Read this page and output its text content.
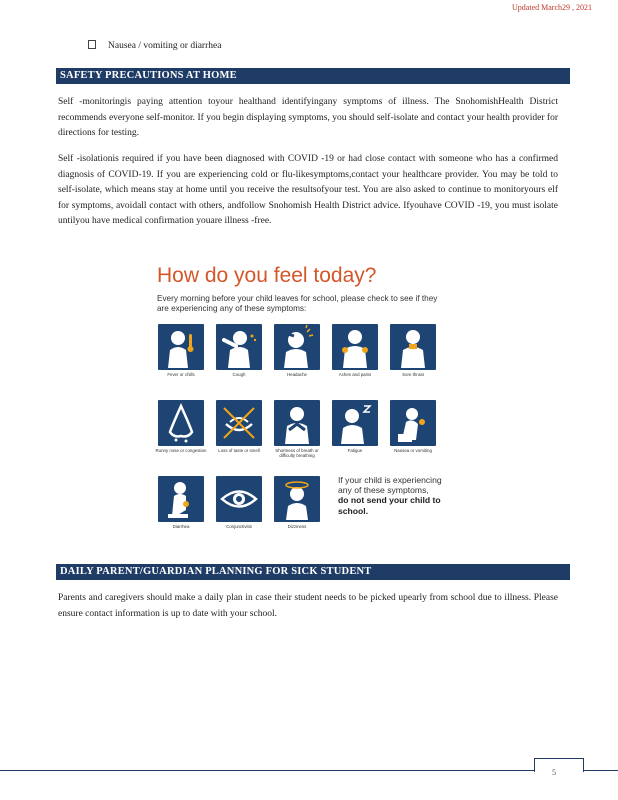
Updated March29 , 2021
Nausea / vomiting or diarrhea
SAFETY PRECAUTIONS AT HOME
Self -monitoringis paying attention toyour healthand identifyingany symptoms of illness. The SnohomishHealth District recommends everyone self-monitor. If you begin displaying symptoms, you should self-isolate and contact your health provider for directions for testing.
Self -isolationis required if you have been diagnosed with COVID -19 or had close contact with someone who has a confirmed diagnosis of COVID-19. If you are experiencing cold or flu-likesymptoms,contact your healthcare provider. You may be told to self-isolate, which means stay at home until you receive the resultsofyour test. You are also asked to continue to monitoryours elf for symptoms, avoidall contact with others, andfollow Snohomish Health District advice. Ifyouhave COVID -19, you must isolate untilyou have medical confirmation youare illness -free.
How do you feel today?
Every morning before your child leaves for school, please check to see if they are experiencing any of these symptoms:
Fever or chills	Cough	Headache	Aches and pains	Sore throat
Runny nose or congestion	Loss of taste or smell	Shortness of breath or difficulty breathing
Fatigue	Nausea or vomiting
Diarrhea	Conjunctivitis	Dizziness
If your child is experiencing any of these symptoms,
do not send your child to school.
DAILY PARENT/GUARDIAN PLANNING FOR SICK STUDENT
Parents and caregivers should make a daily plan in case their student needs to be picked upearly from school due to illness. Please ensure contact information is up to date with your school.
5
